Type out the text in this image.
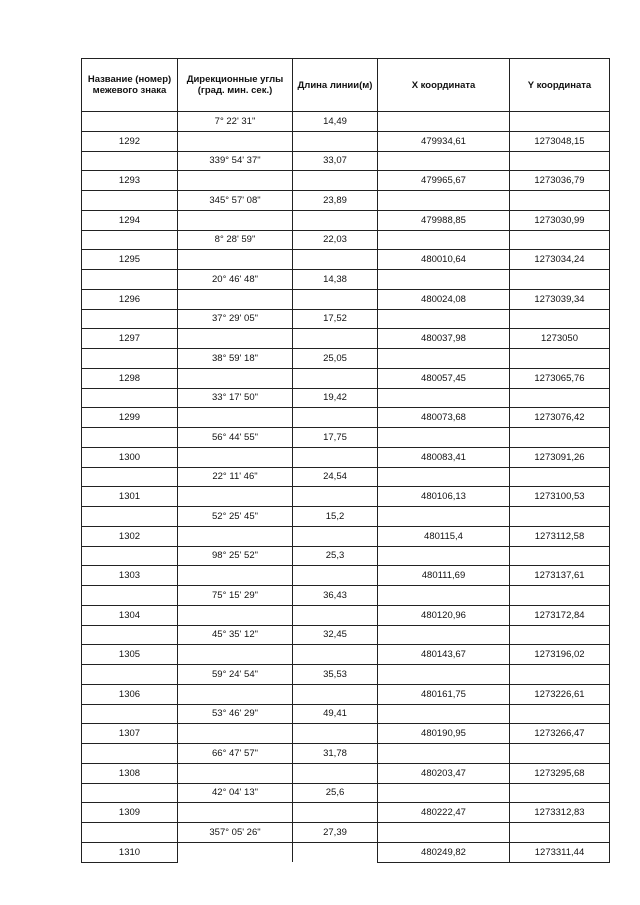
Название (номер) межевого знака	Дирекционные углы (град. мин. сек.)	Длина линии(м)	X координата	Y координата
	7° 22' 31"	14,49		
1292			479934,61	1273048,15
	339° 54' 37"	33,07		
1293			479965,67	1273036,79
	345° 57' 08"	23,89		
1294			479988,85	1273030,99
	8° 28' 59"	22,03		
1295			480010,64	1273034,24
	20° 46' 48"	14,38		
1296			480024,08	1273039,34
	37° 29' 05"	17,52		
1297			480037,98	1273050
	38° 59' 18"	25,05		
1298			480057,45	1273065,76
	33° 17' 50"	19,42		
1299			480073,68	1273076,42
	56° 44' 55"	17,75		
1300			480083,41	1273091,26
	22° 11' 46"	24,54		
1301			480106,13	1273100,53
	52° 25' 45"	15,2		
1302			480115,4	1273112,58
	98° 25' 52"	25,3		
1303			480111,69	1273137,61
	75° 15' 29"	36,43		
1304			480120,96	1273172,84
	45° 35' 12"	32,45		
1305			480143,67	1273196,02
	59° 24' 54"	35,53		
1306			480161,75	1273226,61
	53° 46' 29"	49,41		
1307			480190,95	1273266,47
	66° 47' 57"	31,78		
1308			480203,47	1273295,68
	42° 04' 13"	25,6		
1309			480222,47	1273312,83
	357° 05' 26"	27,39		
1310			480249,82	1273311,44
